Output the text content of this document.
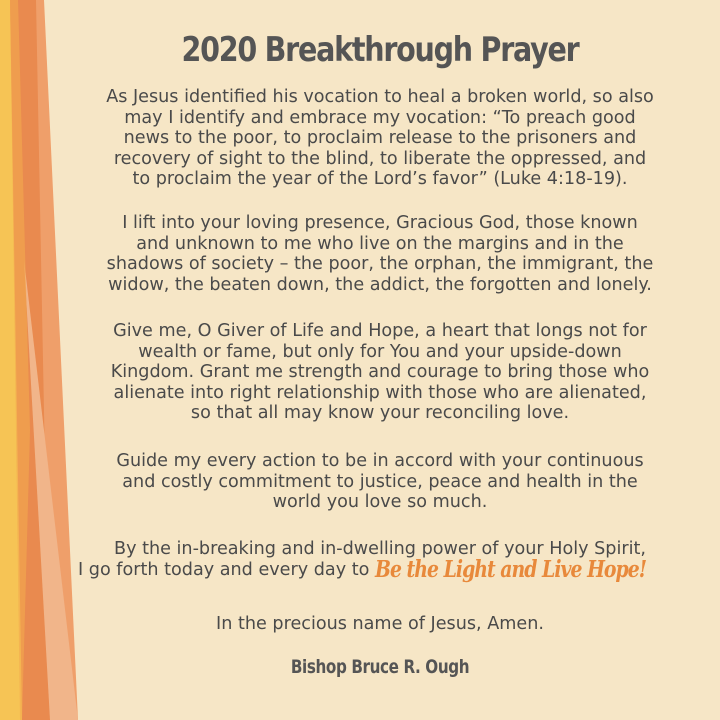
2020 Breakthrough Prayer

As Jesus identified his vocation to heal a broken world, so also
may I identify and embrace my vocation: “To preach good
news to the poor, to proclaim release to the prisoners and
recovery of sight to the blind, to liberate the oppressed, and
to proclaim the year of the Lord’s favor” (Luke 4:18-19).

I lift into your loving presence, Gracious God, those known
and unknown to me who live on the margins and in the
shadows of society – the poor, the orphan, the immigrant, the
widow, the beaten down, the addict, the forgotten and lonely.

Give me, O Giver of Life and Hope, a heart that longs not for
wealth or fame, but only for You and your upside-down
Kingdom. Grant me strength and courage to bring those who
alienate into right relationship with those who are alienated,
so that all may know your reconciling love.

Guide my every action to be in accord with your continuous
and costly commitment to justice, peace and health in the
world you love so much.

By the in-breaking and in-dwelling power of your Holy Spirit,
I go forth today and every day to Be the Light and Live Hope!

In the precious name of Jesus, Amen.

Bishop Bruce R. Ough
